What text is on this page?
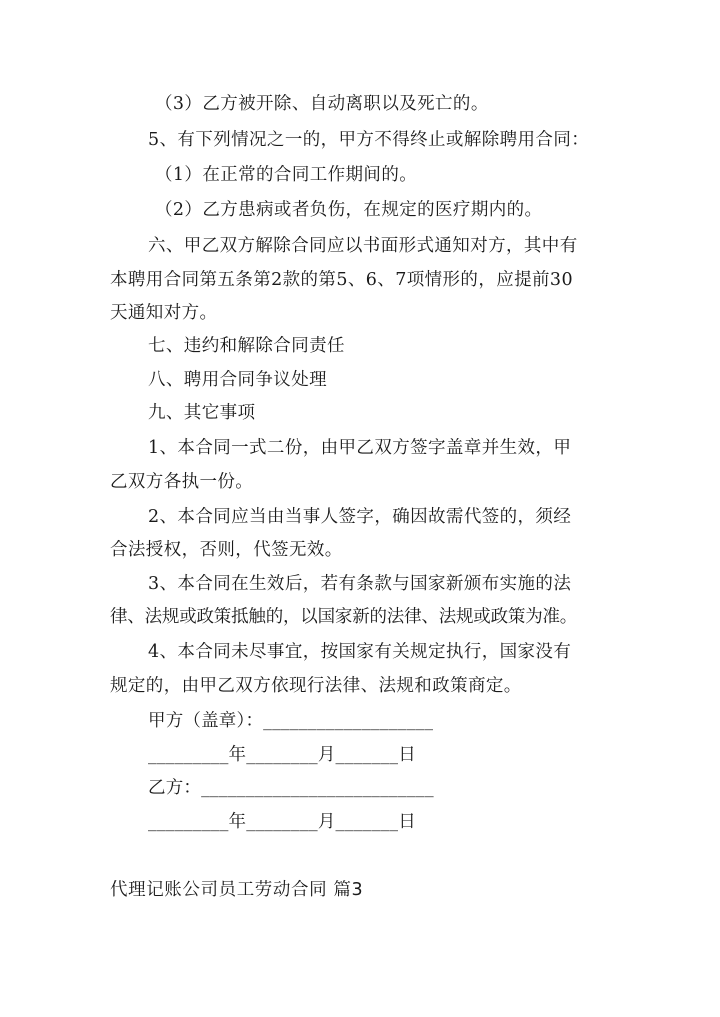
（3）乙方被开除、自动离职以及死亡的。
5、有下列情况之一的，甲方不得终止或解除聘用合同：
（1）在正常的合同工作期间的。
（2）乙方患病或者负伤，在规定的医疗期内的。
六、甲乙双方解除合同应以书面形式通知对方，其中有
本聘用合同第五条第2款的第5、6、7项情形的，应提前30
天通知对方。
七、违约和解除合同责任
八、聘用合同争议处理
九、其它事项
1、本合同一式二份，由甲乙双方签字盖章并生效，甲
乙双方各执一份。
2、本合同应当由当事人签字，确因故需代签的，须经
合法授权，否则，代签无效。
3、本合同在生效后，若有条款与国家新颁布实施的法
律、法规或政策抵触的，以国家新的法律、法规或政策为准。
4、本合同未尽事宜，按国家有关规定执行，国家没有
规定的，由甲乙双方依现行法律、法规和政策商定。
甲方（盖章）：___________________
_________年________月_______日
乙方：__________________________
_________年________月_______日
代理记账公司员工劳动合同 篇3
